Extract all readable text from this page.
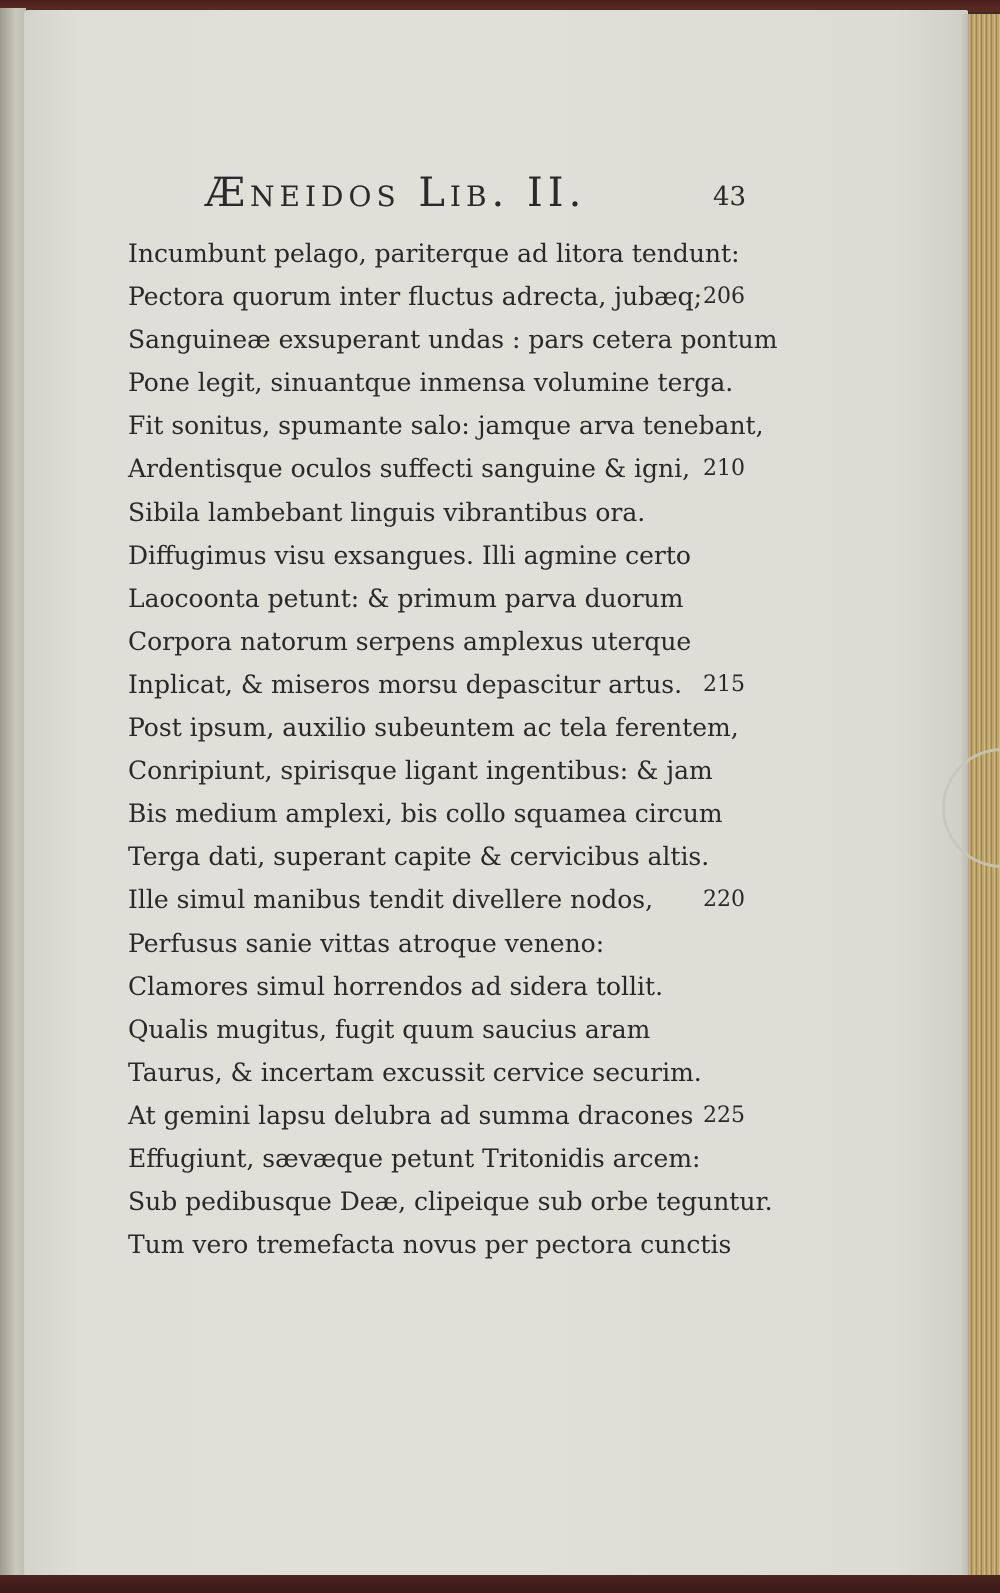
Æneidos Lib. II.	43
Incumbunt pelago, pariterque ad litora tendunt:
Pectora quorum inter fluctus adrecta, jubæq; 206
Sanguineæ exsuperant undas : pars cetera pontum
Pone legit, sinuantque inmensa volumine terga.
Fit sonitus, spumante salo: jamque arva tenebant,
Ardentisque oculos suffecti sanguine & igni, 210
Sibila lambebant linguis vibrantibus ora.
Diffugimus visu exsangues. Illi agmine certo
Laocoonta petunt: & primum parva duorum
Corpora natorum serpens amplexus uterque
Inplicat, & miseros morsu depascitur artus. 215
Post ipsum, auxilio subeuntem ac tela ferentem,
Conripiunt, spirisque ligant ingentibus: & jam
Bis medium amplexi, bis collo squamea circum
Terga dati, superant capite & cervicibus altis.
Ille simul manibus tendit divellere nodos, 220
Perfusus sanie vittas atroque veneno:
Clamores simul horrendos ad sidera tollit.
Qualis mugitus, fugit quum saucius aram
Taurus, & incertam excussit cervice securim.
At gemini lapsu delubra ad summa dracones 225
Effugiunt, sævæque petunt Tritonidis arcem:
Sub pedibusque Deæ, clipeique sub orbe teguntur.
Tum vero tremefacta novus per pectora cunctis
